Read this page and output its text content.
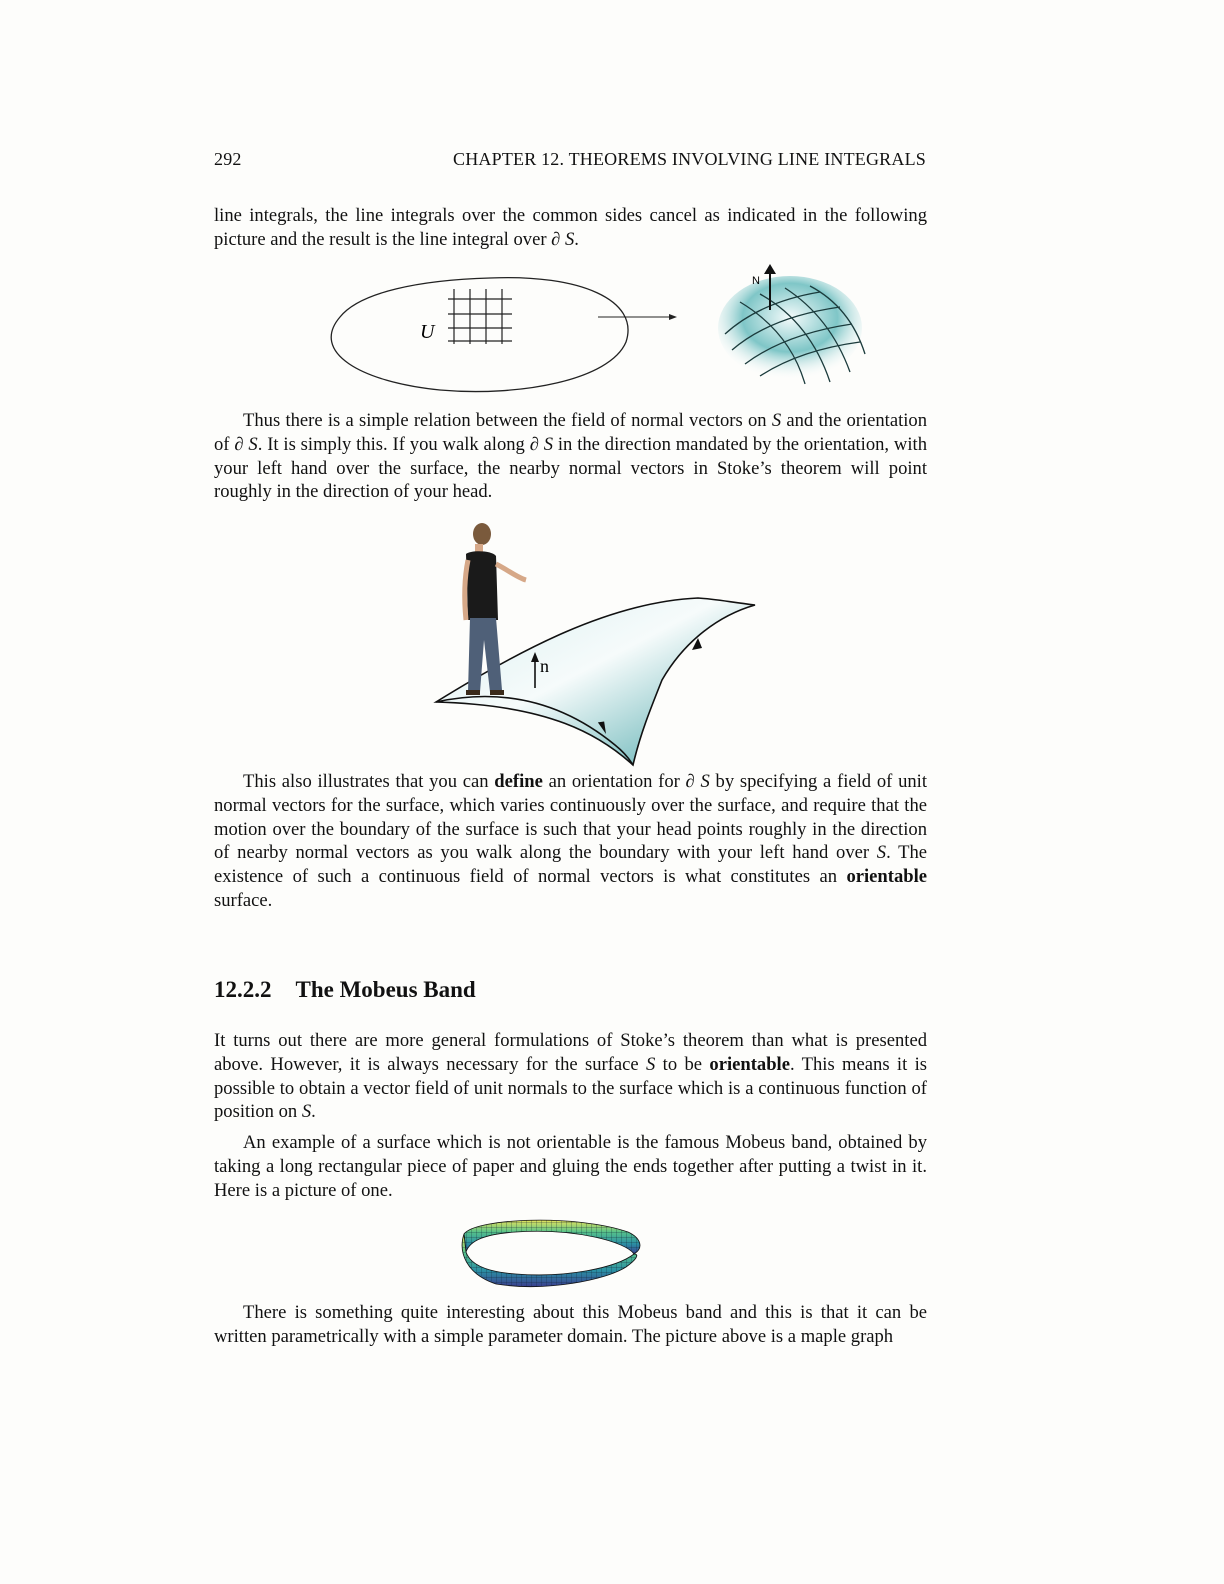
292	CHAPTER 12. THEOREMS INVOLVING LINE INTEGRALS

line integrals, the line integrals over the common sides cancel as indicated in the following picture and the result is the line integral over ∂ S.

U
N

Thus there is a simple relation between the field of normal vectors on S and the orientation of ∂ S. It is simply this. If you walk along ∂ S in the direction mandated by the orientation, with your left hand over the surface, the nearby normal vectors in Stoke’s theorem will point roughly in the direction of your head.

n

This also illustrates that you can define an orientation for ∂ S by specifying a field of unit normal vectors for the surface, which varies continuously over the surface, and require that the motion over the boundary of the surface is such that your head points roughly in the direction of nearby normal vectors as you walk along the boundary with your left hand over S. The existence of such a continuous field of normal vectors is what constitutes an orientable surface.

12.2.2 The Mobeus Band

It turns out there are more general formulations of Stoke’s theorem than what is presented above. However, it is always necessary for the surface S to be orientable. This means it is possible to obtain a vector field of unit normals to the surface which is a continuous function of position on S.

An example of a surface which is not orientable is the famous Mobeus band, obtained by taking a long rectangular piece of paper and gluing the ends together after putting a twist in it. Here is a picture of one.

There is something quite interesting about this Mobeus band and this is that it can be written parametrically with a simple parameter domain. The picture above is a maple graph
